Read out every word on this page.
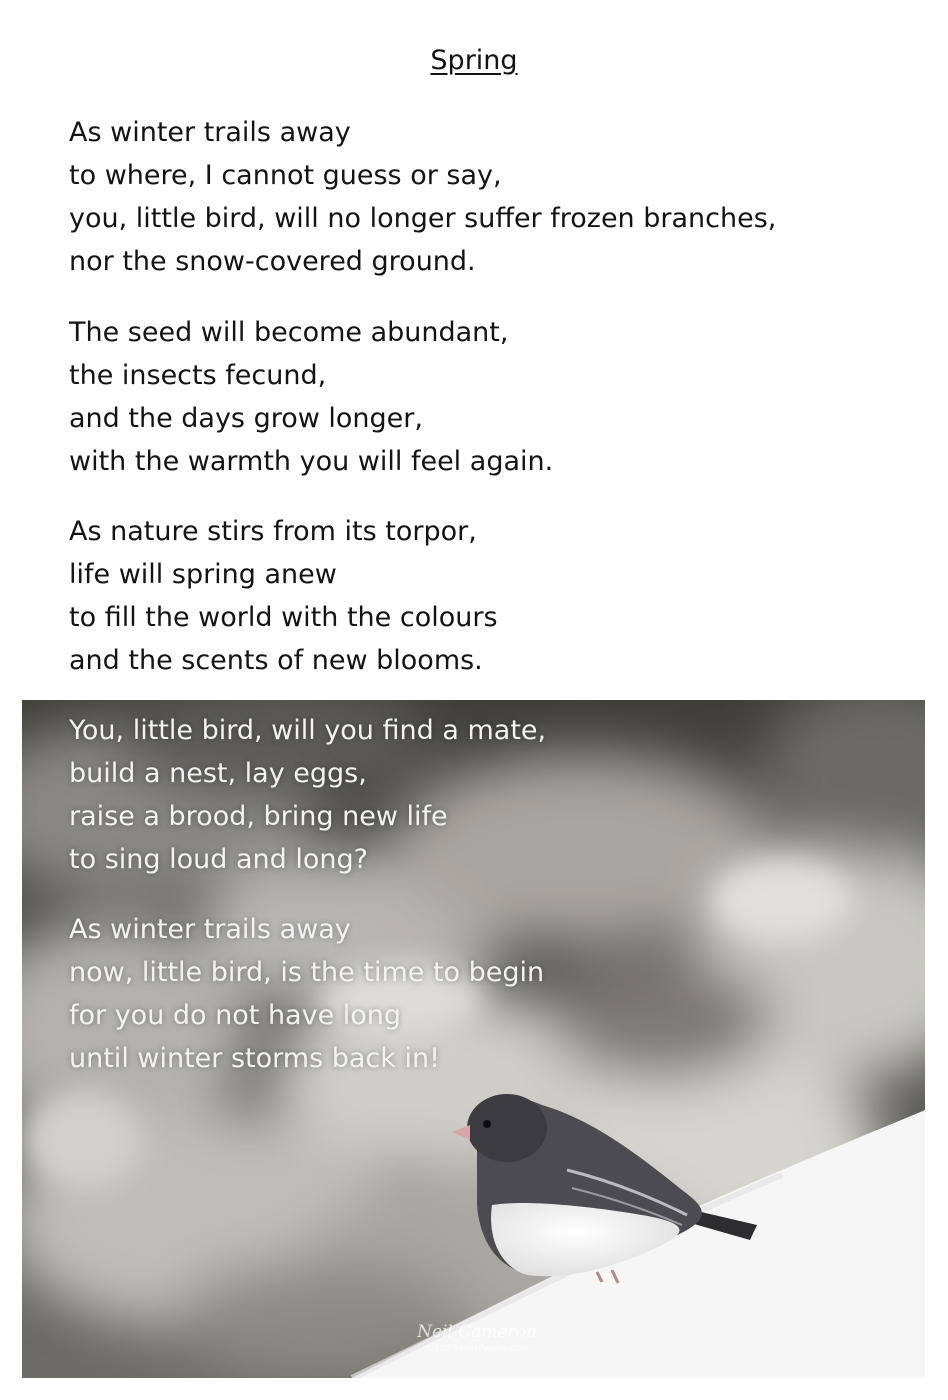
Spring
As winter trails away
to where, I cannot guess or say,
you, little bird, will no longer suffer frozen branches,
nor the snow-covered ground.
The seed will become abundant,
the insects fecund,
and the days grow longer,
with the warmth you will feel again.
As nature stirs from its torpor,
life will spring anew
to fill the world with the colours
and the scents of new blooms.
You, little bird, will you find a mate,
build a nest, lay eggs,
raise a brood, bring new life
to sing loud and long?
As winter trails away
now, little bird, is the time to begin
for you do not have long
until winter storms back in!
Neil Cameron
©2025 motifwebs.com
